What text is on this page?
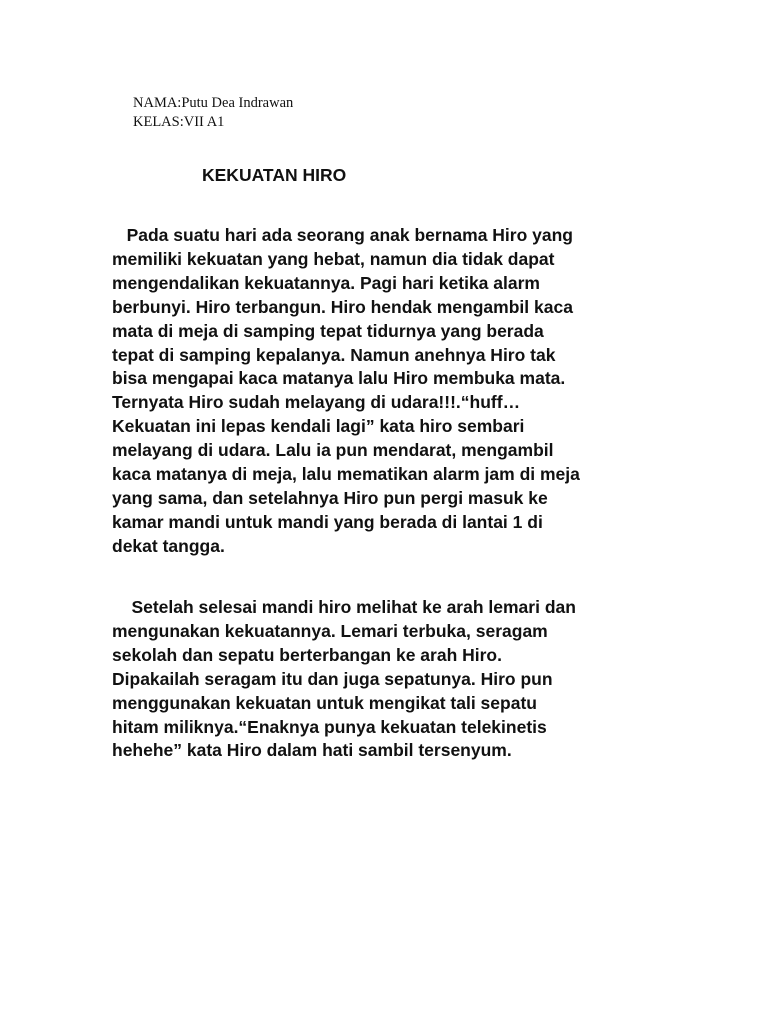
NAMA:Putu Dea Indrawan
KELAS:VII A1
KEKUATAN HIRO

Pada suatu hari ada seorang anak bernama Hiro yang
memiliki kekuatan yang hebat, namun dia tidak dapat
mengendalikan kekuatannya. Pagi hari ketika alarm
berbunyi. Hiro terbangun. Hiro hendak mengambil kaca
mata di meja di samping tepat tidurnya yang berada
tepat di samping kepalanya. Namun anehnya Hiro tak
bisa mengapai kaca matanya lalu Hiro membuka mata.
Ternyata Hiro sudah melayang di udara!!!.“huff…
Kekuatan ini lepas kendali lagi” kata hiro sembari
melayang di udara. Lalu ia pun mendarat, mengambil
kaca matanya di meja, lalu mematikan alarm jam di meja
yang sama, dan setelahnya Hiro pun pergi masuk ke
kamar mandi untuk mandi yang berada di lantai 1 di
dekat tangga.

Setelah selesai mandi hiro melihat ke arah lemari dan
mengunakan kekuatannya. Lemari terbuka, seragam
sekolah dan sepatu berterbangan ke arah Hiro.
Dipakailah seragam itu dan juga sepatunya. Hiro pun
menggunakan kekuatan untuk mengikat tali sepatu
hitam miliknya.“Enaknya punya kekuatan telekinetis
hehehe” kata Hiro dalam hati sambil tersenyum.
